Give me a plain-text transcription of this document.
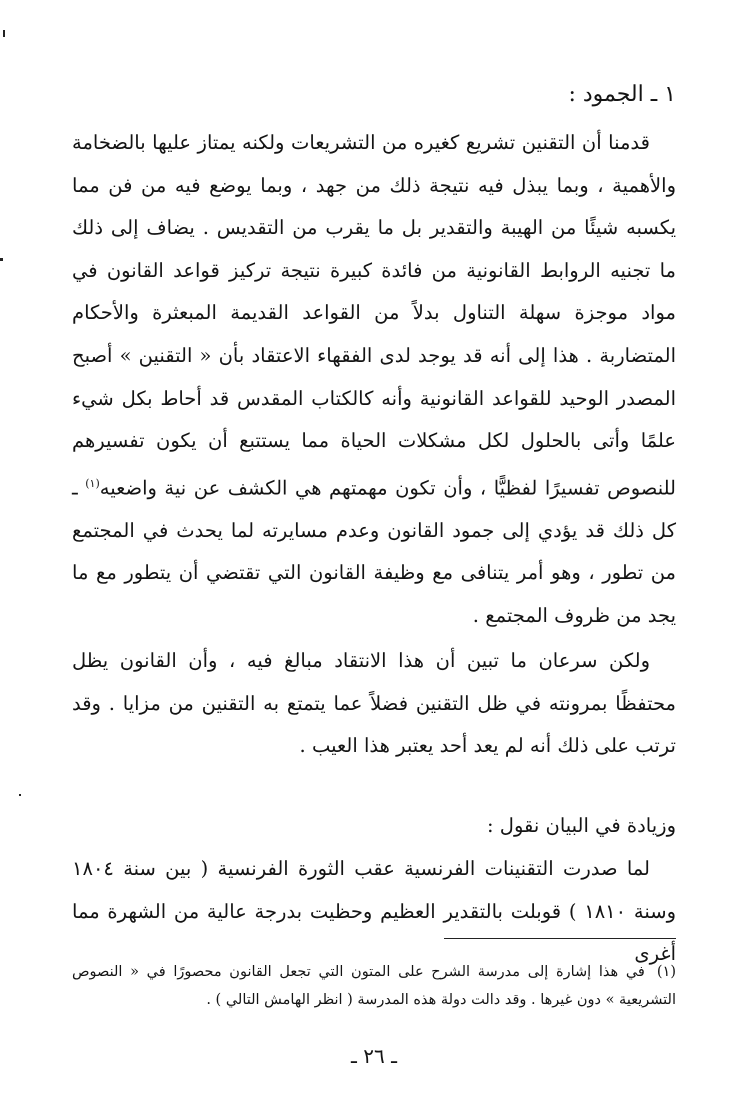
١ ـ الجمود :

قدمنا أن التقنين تشريع كغيره من التشريعات ولكنه يمتاز عليها بالضخامة والأهمية ، وبما يبذل فيه نتيجة ذلك من جهد ، وبما يوضع فيه من فن مما يكسبه شيئًا من الهيبة والتقدير بل ما يقرب من التقديس . يضاف إلى ذلك ما تجنيه الروابط القانونية من فائدة كبيرة نتيجة تركيز قواعد القانون في مواد موجزة سهلة التناول بدلاً من القواعد القديمة المبعثرة والأحكام المتضاربة . هذا إلى أنه قد يوجد لدى الفقهاء الاعتقاد بأن « التقنين » أصبح المصدر الوحيد للقواعد القانونية وأنه كالكتاب المقدس قد أحاط بكل شيء علمًا وأتى بالحلول لكل مشكلات الحياة مما يستتبع أن يكون تفسيرهم للنصوص تفسيرًا لفظيًّا ، وأن تكون مهمتهم هي الكشف عن نية واضعيه$^{(١)}$ ـ كل ذلك قد يؤدي إلى جمود القانون وعدم مسايرته لما يحدث في المجتمع من تطور ، وهو أمر يتنافى مع وظيفة القانون التي تقتضي أن يتطور مع ما يجد من ظروف المجتمع .

ولكن سرعان ما تبين أن هذا الانتقاد مبالغ فيه ، وأن القانون يظل محتفظًا بمرونته في ظل التقنين فضلاً عما يتمتع به التقنين من مزايا . وقد ترتب على ذلك أنه لم يعد أحد يعتبر هذا العيب .

وزيادة في البيان نقول :

لما صدرت التقنينات الفرنسية عقب الثورة الفرنسية ( بين سنة ١٨٠٤ وسنة ١٨١٠ ) قوبلت بالتقدير العظيم وحظيت بدرجة عالية من الشهرة مما أغرى

(١)في هذا إشارة إلى مدرسة الشرح على المتون التي تجعل القانون محصورًا في « النصوص التشريعية » دون غيرها . وقد دالت دولة هذه المدرسة ( انظر الهامش التالي ) .

ـ ٢٦ ـ
